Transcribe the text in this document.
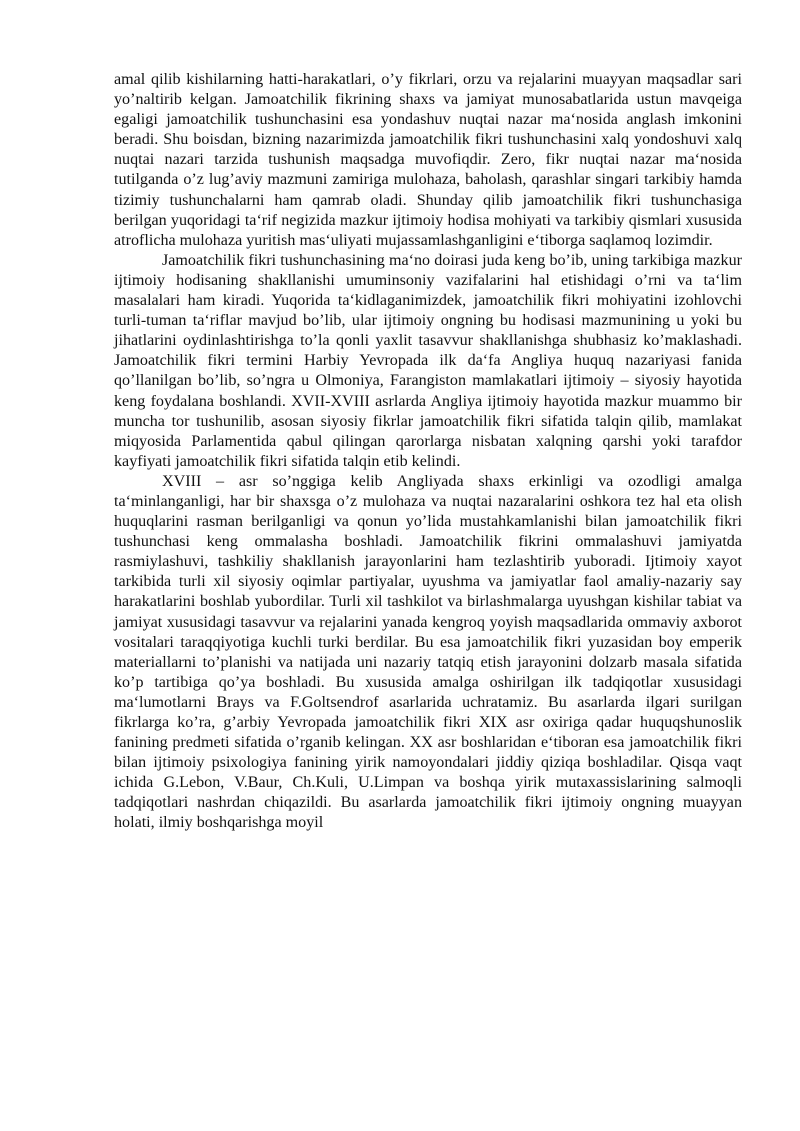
amal qilib kishilarning hatti-harakatlari, o’y fikrlari, orzu va rejalarini muayyan maqsadlar sari yo’naltirib kelgan. Jamoatchilik fikrining shaxs va jamiyat munosabatlarida ustun mavqeiga egaligi jamoatchilik tushunchasini esa yondashuv nuqtai nazar ma‘nosida anglash imkonini beradi. Shu boisdan, bizning nazarimizda jamoatchilik fikri tushunchasini xalq yondoshuvi xalq nuqtai nazari tarzida tushunish maqsadga muvofiqdir. Zero, fikr nuqtai nazar ma‘nosida tutilganda o’z lug’aviy mazmuni zamiriga mulohaza, baholash, qarashlar singari tarkibiy hamda tizimiy tushunchalarni ham qamrab oladi. Shunday qilib jamoatchilik fikri tushunchasiga berilgan yuqoridagi ta‘rif negizida mazkur ijtimoiy hodisa mohiyati va tarkibiy qismlari xususida atroflicha mulohaza yuritish mas‘uliyati mujassamlashganligini e‘tiborga saqlamoq lozimdir.

Jamoatchilik fikri tushunchasining ma‘no doirasi juda keng bo’ib, uning tarkibiga mazkur ijtimoiy hodisaning shakllanishi umuminsoniy vazifalarini hal etishidagi o’rni va ta‘lim masalalari ham kiradi. Yuqorida ta‘kidlaganimizdek, jamoatchilik fikri mohiyatini izohlovchi turli-tuman ta‘riflar mavjud bo’lib, ular ijtimoiy ongning bu hodisasi mazmunining u yoki bu jihatlarini oydinlashtirishga to’la qonli yaxlit tasavvur shakllanishga shubhasiz ko’maklashadi. Jamoatchilik fikri termini Harbiy Yevropada ilk da‘fa Angliya huquq nazariyasi fanida qo’llanilgan bo’lib, so’ngra u Olmoniya, Farangiston mamlakatlari ijtimoiy – siyosiy hayotida keng foydalana boshlandi. XVII-XVIII asrlarda Angliya ijtimoiy hayotida mazkur muammo bir muncha tor tushunilib, asosan siyosiy fikrlar jamoatchilik fikri sifatida talqin qilib, mamlakat miqyosida Parlamentida qabul qilingan qarorlarga nisbatan xalqning qarshi yoki tarafdor kayfiyati jamoatchilik fikri sifatida talqin etib kelindi.

XVIII – asr so’nggiga kelib Angliyada shaxs erkinligi va ozodligi amalga ta‘minlanganligi, har bir shaxsga o’z mulohaza va nuqtai nazaralarini oshkora tez hal eta olish huquqlarini rasman berilganligi va qonun yo’lida mustahkamlanishi bilan jamoatchilik fikri tushunchasi keng ommalasha boshladi. Jamoatchilik fikrini ommalashuvi jamiyatda rasmiylashuvi, tashkiliy shakllanish jarayonlarini ham tezlashtirib yuboradi. Ijtimoiy xayot tarkibida turli xil siyosiy oqimlar partiyalar, uyushma va jamiyatlar faol amaliy-nazariy say harakatlarini boshlab yubordilar. Turli xil tashkilot va birlashmalarga uyushgan kishilar tabiat va jamiyat xususidagi tasavvur va rejalarini yanada kengroq yoyish maqsadlarida ommaviy axborot vositalari taraqqiyotiga kuchli turki berdilar. Bu esa jamoatchilik fikri yuzasidan boy emperik materiallarni to’planishi va natijada uni nazariy tatqiq etish jarayonini dolzarb masala sifatida ko’p tartibiga qo’ya boshladi. Bu xususida amalga oshirilgan ilk tadqiqotlar xususidagi ma‘lumotlarni Brays va F.Goltsendrof asarlarida uchratamiz. Bu asarlarda ilgari surilgan fikrlarga ko’ra, g’arbiy Yevropada jamoatchilik fikri XIX asr oxiriga qadar huquqshunoslik fanining predmeti sifatida o’rganib kelingan. XX asr boshlaridan e‘tiboran esa jamoatchilik fikri bilan ijtimoiy psixologiya fanining yirik namoyondalari jiddiy qiziqa boshladilar. Qisqa vaqt ichida G.Lebon, V.Baur, Ch.Kuli, U.Limpan va boshqa yirik mutaxassislarining salmoqli tadqiqotlari nashrdan chiqazildi. Bu asarlarda jamoatchilik fikri ijtimoiy ongning muayyan holati, ilmiy boshqarishga moyil
